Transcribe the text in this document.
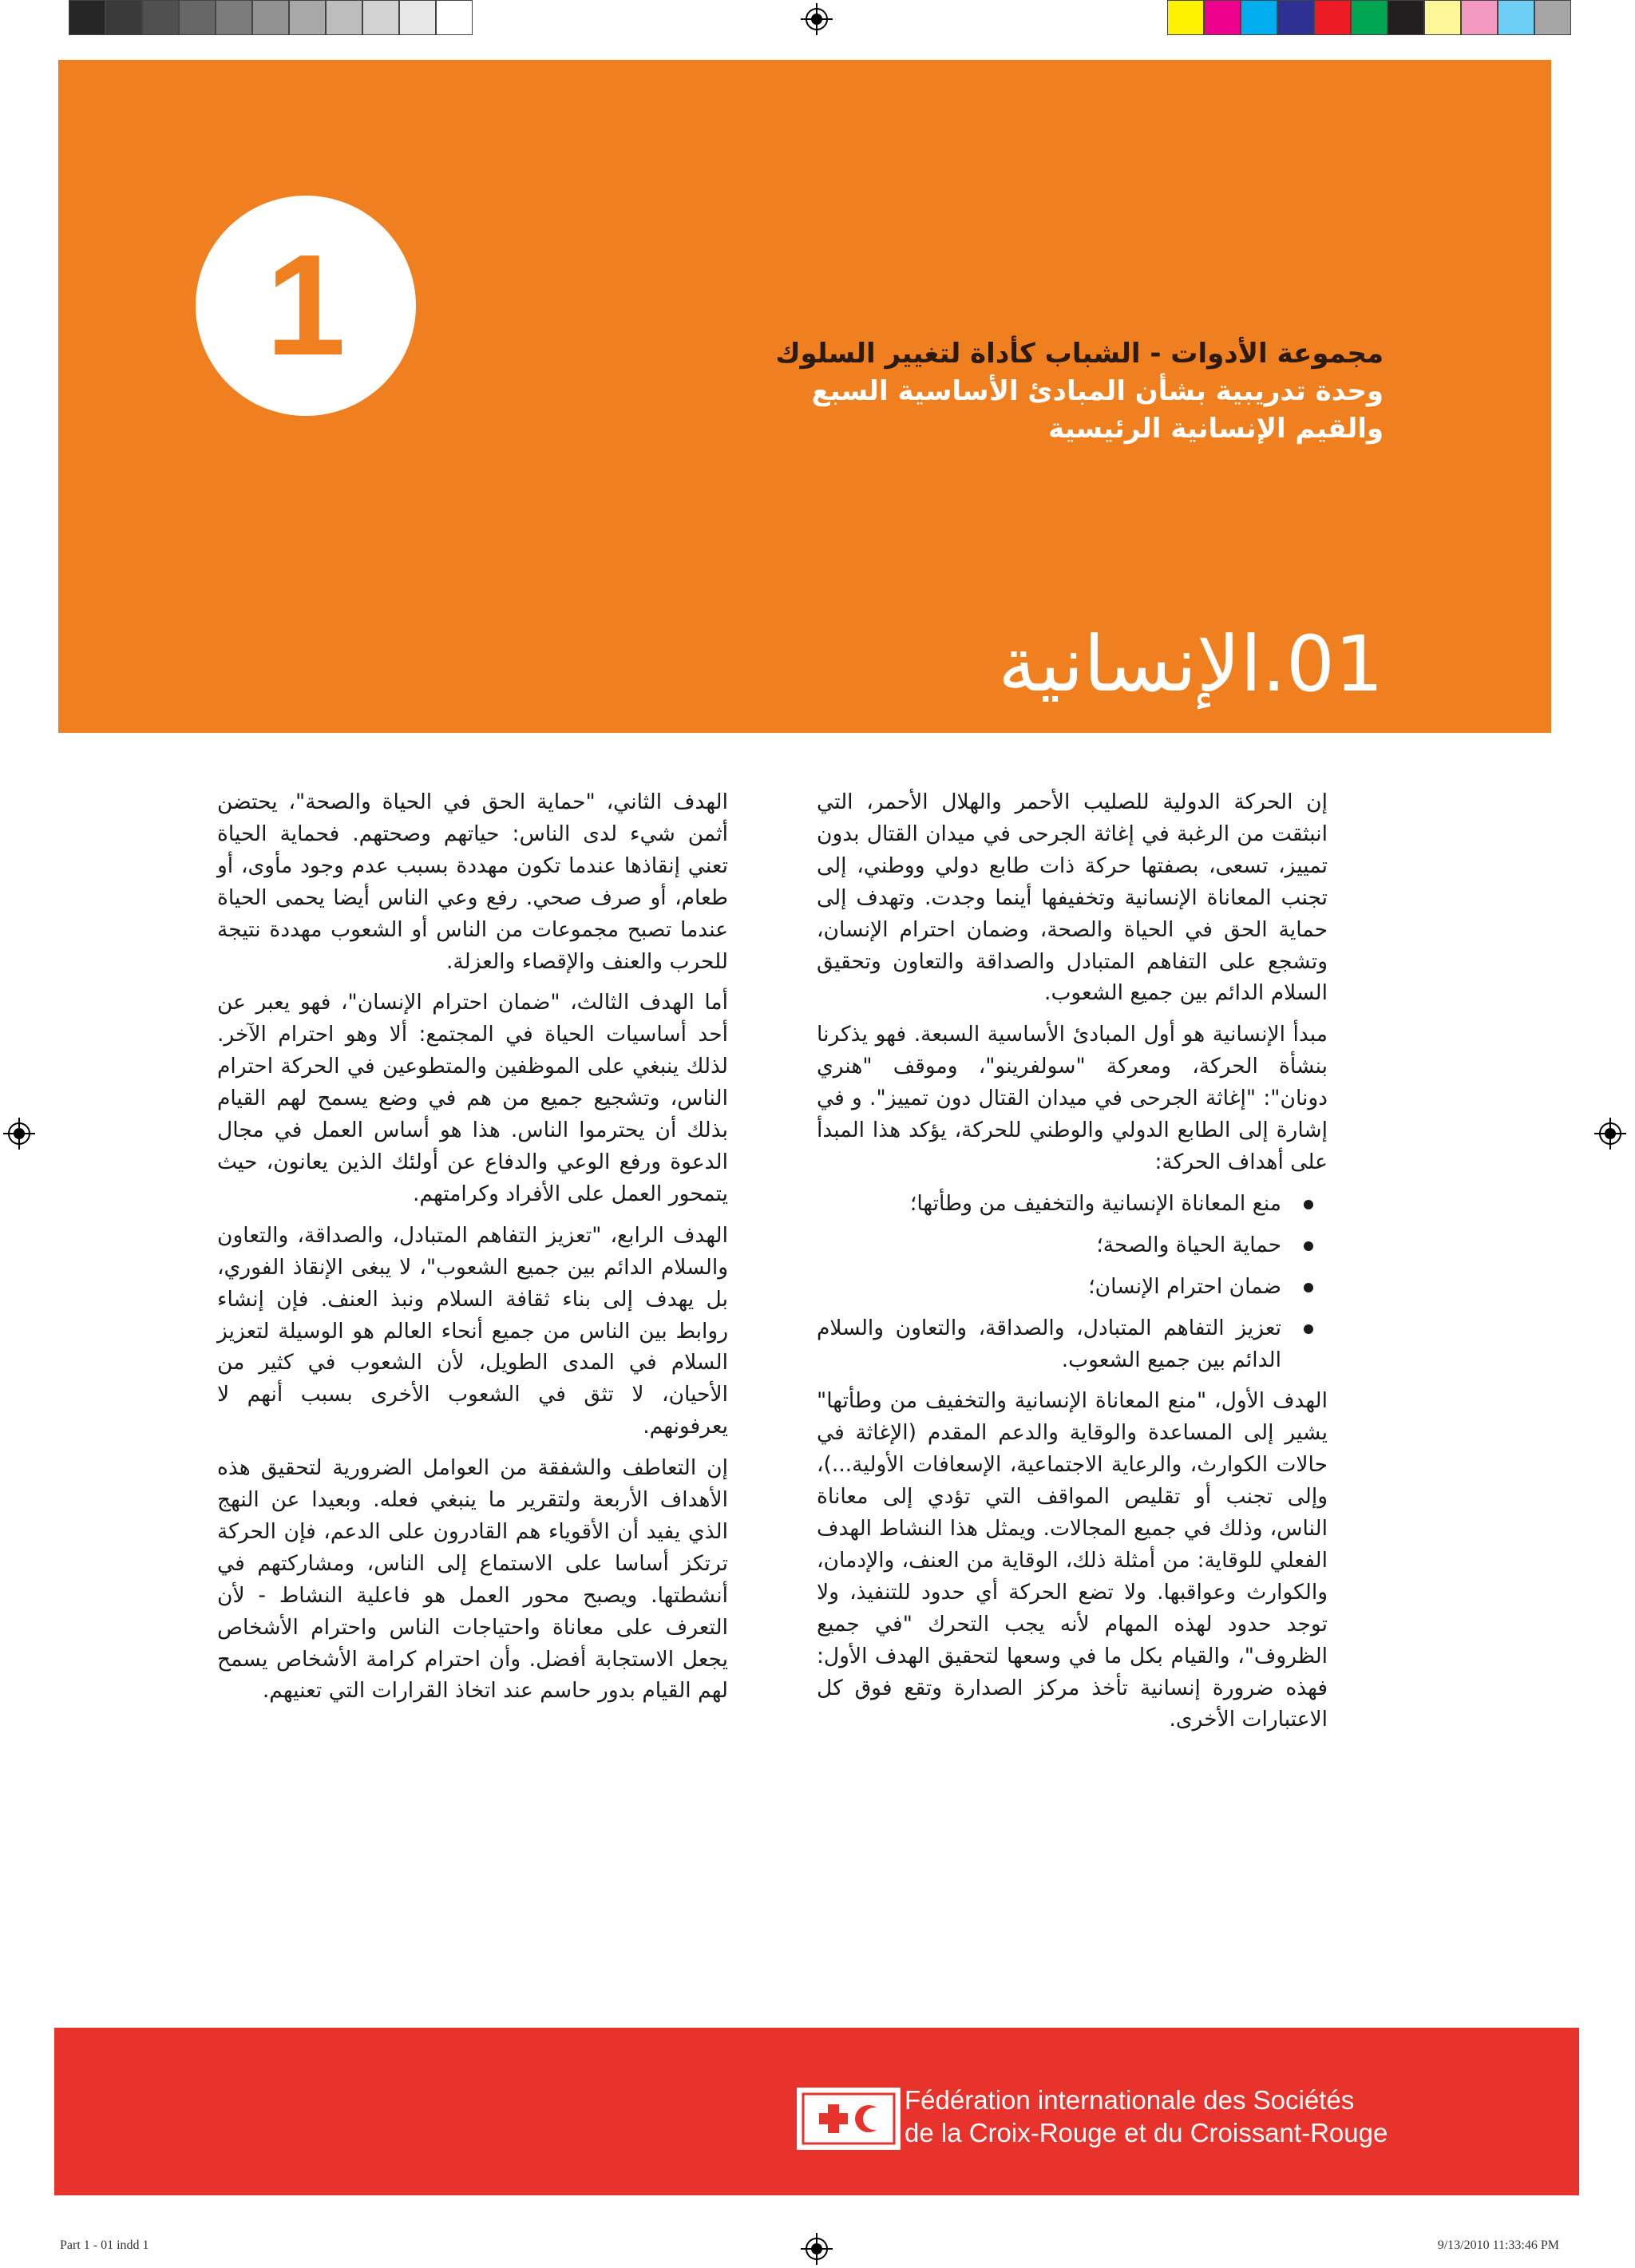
1	مجموعة الأدوات - الشباب كأداة لتغيير السلوك
وحدة تدريبية بشأن المبادئ الأساسية السبع
والقيم الإنسانية الرئيسية
01.الإنسانية

إن الحركة الدولية للصليب الأحمر والهلال الأحمر، التي انبثقت من الرغبة في إغاثة الجرحى في ميدان القتال بدون تمييز، تسعى، بصفتها حركة ذات طابع دولي ووطني، إلى تجنب المعاناة الإنسانية وتخفيفها أينما وجدت. وتهدف إلى حماية الحق في الحياة والصحة، وضمان احترام الإنسان، وتشجع على التفاهم المتبادل والصداقة والتعاون وتحقيق السلام الدائم بين جميع الشعوب.

مبدأ الإنسانية هو أول المبادئ الأساسية السبعة. فهو يذكرنا بنشأة الحركة، ومعركة "سولفرينو"، وموقف "هنري دونان": "إغاثة الجرحى في ميدان القتال دون تمييز". و في إشارة إلى الطابع الدولي والوطني للحركة، يؤكد هذا المبدأ على أهداف الحركة:

منع المعاناة الإنسانية والتخفيف من وطأتها؛
حماية الحياة والصحة؛
ضمان احترام الإنسان؛
تعزيز التفاهم المتبادل، والصداقة، والتعاون والسلام الدائم بين جميع الشعوب.

الهدف الأول، "منع المعاناة الإنسانية والتخفيف من وطأتها" يشير إلى المساعدة والوقاية والدعم المقدم (الإغاثة في حالات الكوارث، والرعاية الاجتماعية، الإسعافات الأولية...)، وإلى تجنب أو تقليص المواقف التي تؤدي إلى معاناة الناس، وذلك في جميع المجالات. ويمثل هذا النشاط الهدف الفعلي للوقاية: من أمثلة ذلك، الوقاية من العنف، والإدمان، والكوارث وعواقبها. ولا تضع الحركة أي حدود للتنفيذ، ولا توجد حدود لهذه المهام لأنه يجب التحرك "في جميع الظروف"، والقيام بكل ما في وسعها لتحقيق الهدف الأول: فهذه ضرورة إنسانية تأخذ مركز الصدارة وتقع فوق كل الاعتبارات الأخرى.

الهدف الثاني، "حماية الحق في الحياة والصحة"، يحتضن أثمن شيء لدى الناس: حياتهم وصحتهم. فحماية الحياة تعني إنقاذها عندما تكون مهددة بسبب عدم وجود مأوى، أو طعام، أو صرف صحي. رفع وعي الناس أيضا يحمى الحياة عندما تصبح مجموعات من الناس أو الشعوب مهددة نتيجة للحرب والعنف والإقصاء والعزلة.

أما الهدف الثالث، "ضمان احترام الإنسان"، فهو يعبر عن أحد أساسيات الحياة في المجتمع: ألا وهو احترام الآخر. لذلك ينبغي على الموظفين والمتطوعين في الحركة احترام الناس، وتشجيع جميع من هم في وضع يسمح لهم القيام بذلك أن يحترموا الناس. هذا هو أساس العمل في مجال الدعوة ورفع الوعي والدفاع عن أولئك الذين يعانون، حيث يتمحور العمل على الأفراد وكرامتهم.

الهدف الرابع، "تعزيز التفاهم المتبادل، والصداقة، والتعاون والسلام الدائم بين جميع الشعوب"، لا يبغى الإنقاذ الفوري، بل يهدف إلى بناء ثقافة السلام ونبذ العنف. فإن إنشاء روابط بين الناس من جميع أنحاء العالم هو الوسيلة لتعزيز السلام في المدى الطويل، لأن الشعوب في كثير من الأحيان، لا تثق في الشعوب الأخرى بسبب أنهم لا يعرفونهم.

إن التعاطف والشفقة من العوامل الضرورية لتحقيق هذه الأهداف الأربعة ولتقرير ما ينبغي فعله. وبعيدا عن النهج الذي يفيد أن الأقوياء هم القادرون على الدعم، فإن الحركة ترتكز أساسا على الاستماع إلى الناس، ومشاركتهم في أنشطتها. ويصبح محور العمل هو فاعلية النشاط - لأن التعرف على معاناة واحتياجات الناس واحترام الأشخاص يجعل الاستجابة أفضل. وأن احترام كرامة الأشخاص يسمح لهم القيام بدور حاسم عند اتخاذ القرارات التي تعنيهم.

Fédération internationale des Sociétés
de la Croix-Rouge et du Croissant-Rouge
Part 1 - 01 indd 1	9/13/2010 11:33:46 PM
